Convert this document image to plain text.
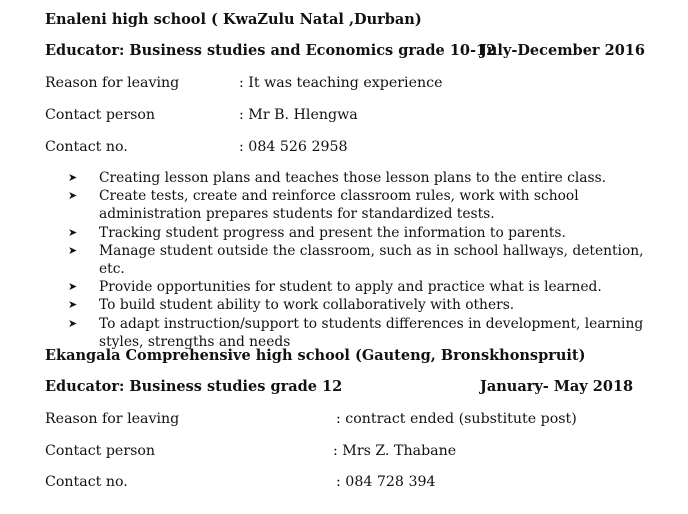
Enaleni high school ( KwaZulu Natal ,Durban)
Educator: Business studies and Economics grade 10-12
July-December 2016
Reason for leaving	: It was teaching experience
Contact person	: Mr B. Hlengwa
Contact no.	: 084 526 2958
➤ Creating lesson plans and teaches those lesson plans to the entire class.
➤ Create tests, create and reinforce classroom rules, work with school administration prepares students for standardized tests.
➤ Tracking student progress and present the information to parents.
➤ Manage student outside the classroom, such as in school hallways, detention, etc.
➤ Provide opportunities for student to apply and practice what is learned.
➤ To build student ability to work collaboratively with others.
➤ To adapt instruction/support to students differences in development, learning styles, strengths and needs
Ekangala Comprehensive high school (Gauteng, Bronskhonspruit)
Educator: Business studies grade 12	January- May 2018
Reason for leaving	: contract ended (substitute post)
Contact person	: Mrs Z. Thabane
Contact no.	: 084 728 394
